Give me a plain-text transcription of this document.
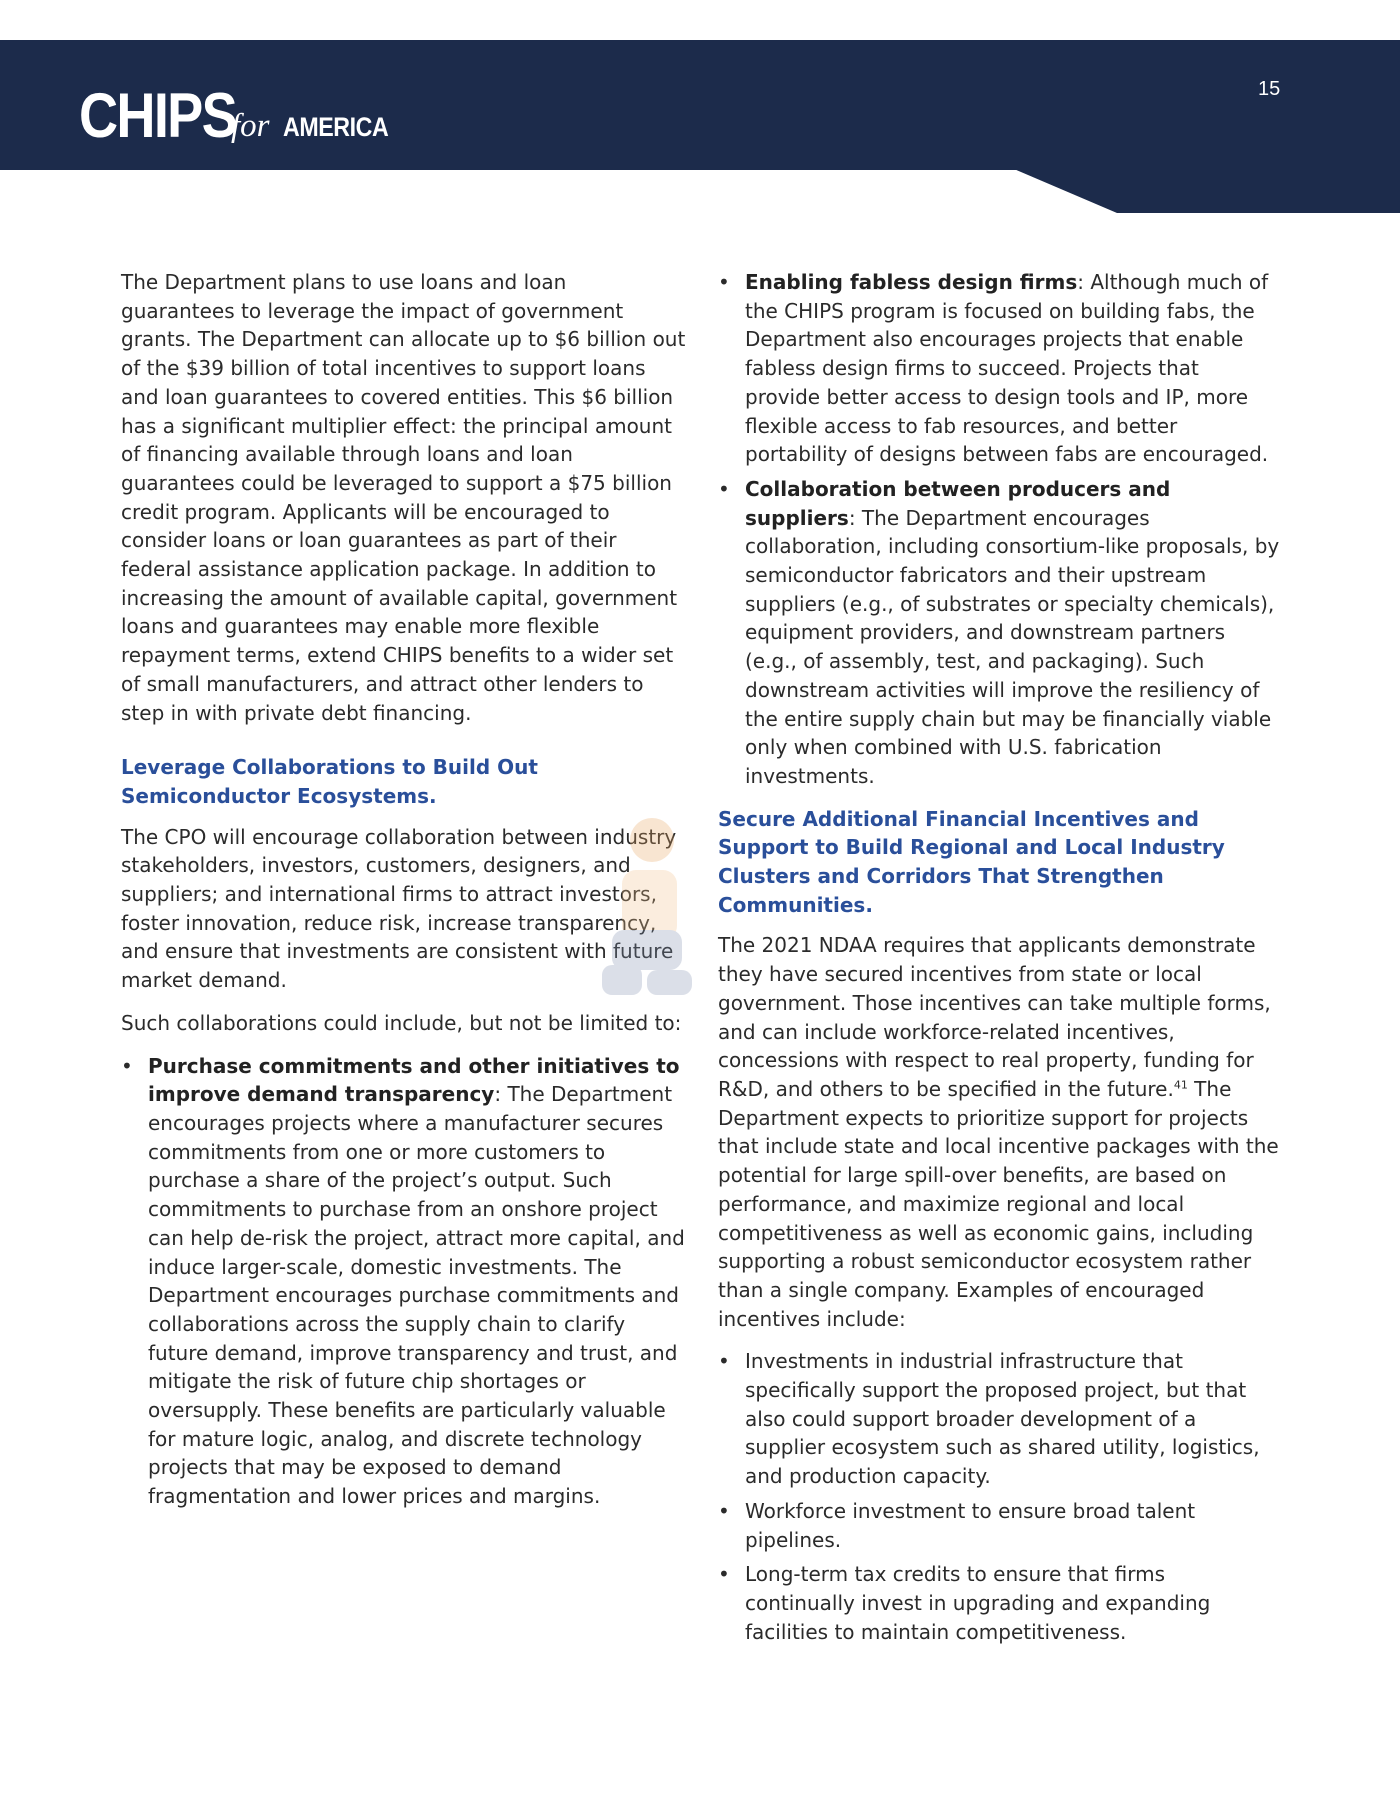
CHIPS
for AMERICA
15

The Department plans to use loans and loan guarantees to leverage the impact of government grants. The Department can allocate up to $6 billion out of the $39 billion of total incentives to support loans and loan guarantees to covered entities. This $6 billion has a significant multiplier effect: the principal amount of financing available through loans and loan guarantees could be leveraged to support a $75 billion credit program. Applicants will be encouraged to consider loans or loan guarantees as part of their federal assistance application package. In addition to increasing the amount of available capital, government loans and guarantees may enable more flexible repayment terms, extend CHIPS benefits to a wider set of small manufacturers, and attract other lenders to step in with private debt financing.

Leverage Collaborations to Build Out Semiconductor Ecosystems.

The CPO will encourage collaboration between industry stakeholders, investors, customers, designers, and suppliers; and international firms to attract investors, foster innovation, reduce risk, increase transparency, and ensure that investments are consistent with future market demand.

Such collaborations could include, but not be limited to:

• Purchase commitments and other initiatives to improve demand transparency: The Department encourages projects where a manufacturer secures commitments from one or more customers to purchase a share of the project’s output. Such commitments to purchase from an onshore project can help de-risk the project, attract more capital, and induce larger-scale, domestic investments. The Department encourages purchase commitments and collaborations across the supply chain to clarify future demand, improve transparency and trust, and mitigate the risk of future chip shortages or oversupply. These benefits are particularly valuable for mature logic, analog, and discrete technology projects that may be exposed to demand fragmentation and lower prices and margins.
• Enabling fabless design firms: Although much of the CHIPS program is focused on building fabs, the Department also encourages projects that enable fabless design firms to succeed. Projects that provide better access to design tools and IP, more flexible access to fab resources, and better portability of designs between fabs are encouraged.
• Collaboration between producers and suppliers: The Department encourages collaboration, including consortium-like proposals, by semiconductor fabricators and their upstream suppliers (e.g., of substrates or specialty chemicals), equipment providers, and downstream partners (e.g., of assembly, test, and packaging). Such downstream activities will improve the resiliency of the entire supply chain but may be financially viable only when combined with U.S. fabrication investments.

Secure Additional Financial Incentives and Support to Build Regional and Local Industry Clusters and Corridors That Strengthen Communities.

The 2021 NDAA requires that applicants demonstrate they have secured incentives from state or local government. Those incentives can take multiple forms, and can include workforce-related incentives, concessions with respect to real property, funding for R&D, and others to be specified in the future.$^{41}$ The Department expects to prioritize support for projects that include state and local incentive packages with the potential for large spill-over benefits, are based on performance, and maximize regional and local competitiveness as well as economic gains, including supporting a robust semiconductor ecosystem rather than a single company. Examples of encouraged incentives include:

• Investments in industrial infrastructure that specifically support the proposed project, but that also could support broader development of a supplier ecosystem such as shared utility, logistics, and production capacity.
• Workforce investment to ensure broad talent pipelines.
• Long-term tax credits to ensure that firms continually invest in upgrading and expanding facilities to maintain competitiveness.
